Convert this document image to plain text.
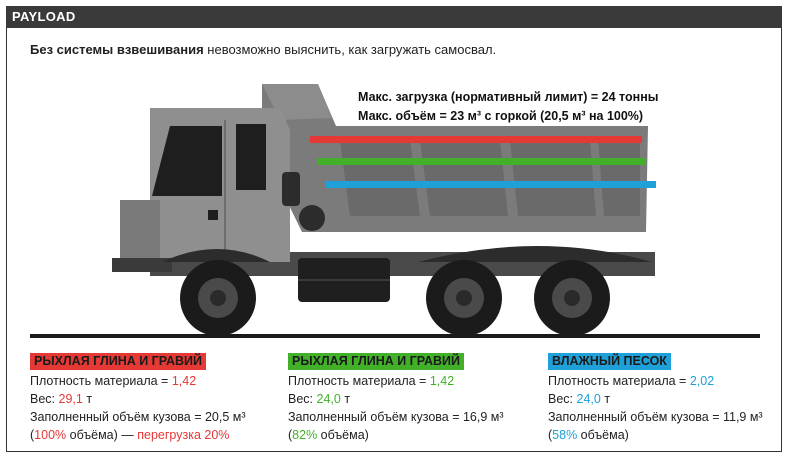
PAYLOAD
Без системы взвешивания невозможно выяснить, как загружать самосвал.
Макс. загрузка (нормативный лимит) = 24 тонны
Макс. объём = 23 м³ с горкой (20,5 м³ на 100%)
РЫХЛАЯ ГЛИНА И ГРАВИЙ
Плотность материала = 1,42
Вес: 29,1 т
Заполненный объём кузова = 20,5 м³
(100% объёма) — перегрузка 20%
РЫХЛАЯ ГЛИНА И ГРАВИЙ
Плотность материала = 1,42
Вес: 24,0 т
Заполненный объём кузова = 16,9 м³
(82% объёма)
ВЛАЖНЫЙ ПЕСОК
Плотность материала = 2,02
Вес: 24,0 т
Заполненный объём кузова = 11,9 м³
(58% объёма)
